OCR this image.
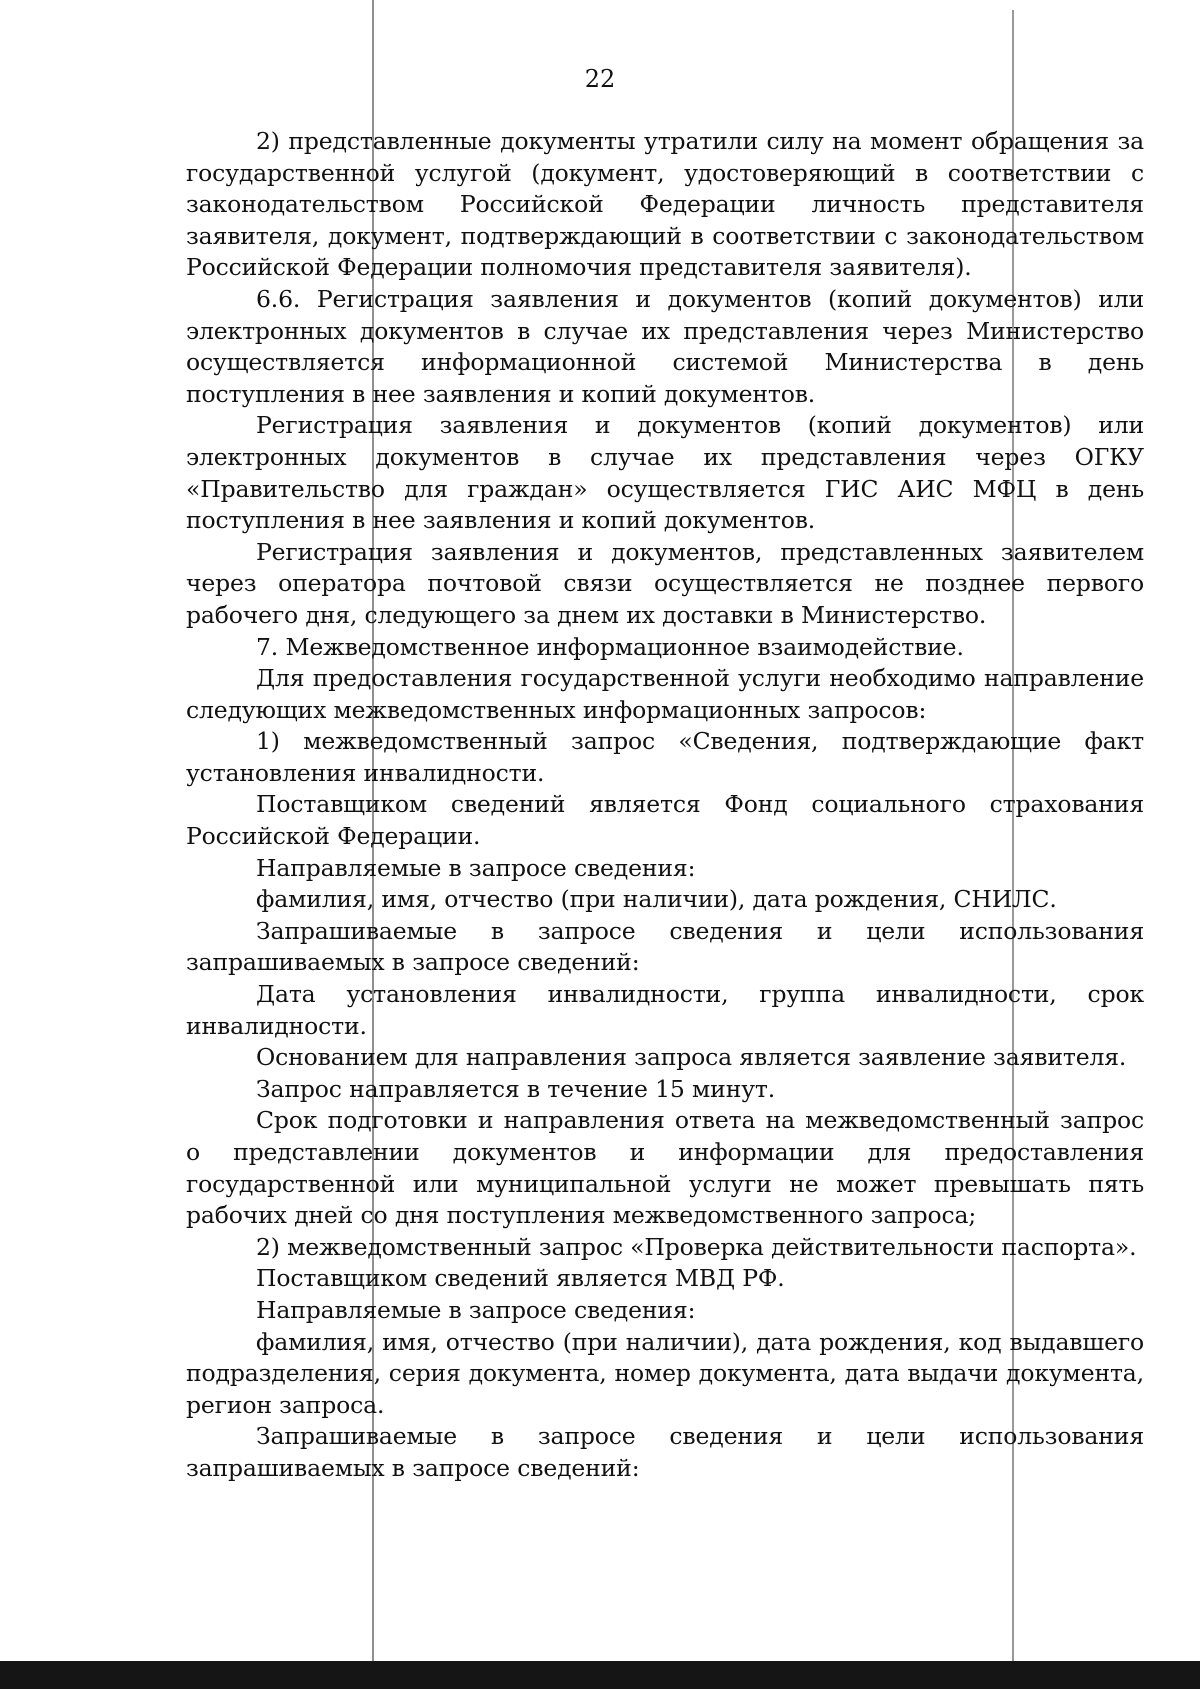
22

2) представленные документы утратили силу на момент обращения за государственной услугой (документ, удостоверяющий в соответствии с законодательством Российской Федерации личность представителя заявителя, документ, подтверждающий в соответствии с законодательством Российской Федерации полномочия представителя заявителя).

6.6. Регистрация заявления и документов (копий документов) или электронных документов в случае их представления через Министерство осуществляется информационной системой Министерства в день поступления в нее заявления и копий документов.

Регистрация заявления и документов (копий документов) или электронных документов в случае их представления через ОГКУ «Правительство для граждан» осуществляется ГИС АИС МФЦ в день поступления в нее заявления и копий документов.

Регистрация заявления и документов, представленных заявителем через оператора почтовой связи осуществляется не позднее первого рабочего дня, следующего за днем их доставки в Министерство.

7. Межведомственное информационное взаимодействие.

Для предоставления государственной услуги необходимо направление следующих межведомственных информационных запросов:

1) межведомственный запрос «Сведения, подтверждающие факт установления инвалидности.

Поставщиком сведений является Фонд социального страхования Российской Федерации.

Направляемые в запросе сведения:

фамилия, имя, отчество (при наличии), дата рождения, СНИЛС.

Запрашиваемые в запросе сведения и цели использования запрашиваемых в запросе сведений:

Дата установления инвалидности, группа инвалидности, срок инвалидности.

Основанием для направления запроса является заявление заявителя.

Запрос направляется в течение 15 минут.

Срок подготовки и направления ответа на межведомственный запрос о представлении документов и информации для предоставления государственной или муниципальной услуги не может превышать пять рабочих дней со дня поступления межведомственного запроса;

2) межведомственный запрос «Проверка действительности паспорта».

Поставщиком сведений является МВД РФ.

Направляемые в запросе сведения:

фамилия, имя, отчество (при наличии), дата рождения, код выдавшего подразделения, серия документа, номер документа, дата выдачи документа, регион запроса.

Запрашиваемые в запросе сведения и цели использования запрашиваемых в запросе сведений:
